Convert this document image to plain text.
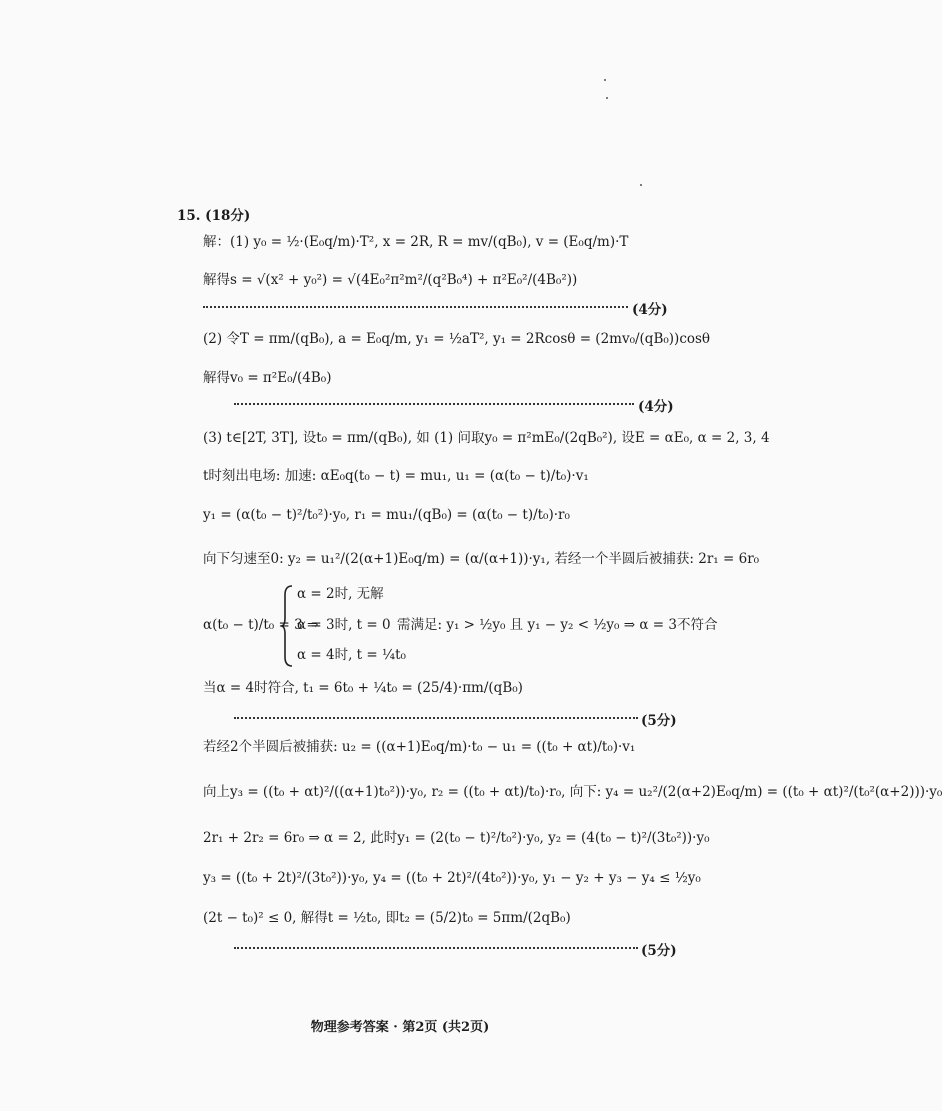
15. (18分)
解：(1) y₀ = ½·(E₀q/m)·T², x = 2R, R = mv/(qB₀), v = (E₀q/m)·T
解得s = √(x² + y₀²) = √(4E₀²π²m²/(q²B₀⁴) + π²E₀²/(4B₀²))
(4分)
(2) 令T = πm/(qB₀), a = E₀q/m, y₁ = ½aT², y₁ = 2Rcosθ = (2mv₀/(qB₀))cosθ
解得v₀ = π²E₀/(4B₀)
(4分)
(3) t∈[2T, 3T], 设t₀ = πm/(qB₀), 如 (1) 问取y₀ = π²mE₀/(2qB₀²), 设E = αE₀, α = 2, 3, 4
t时刻出电场: 加速: αE₀q(t₀ − t) = mu₁, u₁ = (α(t₀ − t)/t₀)·v₁
y₁ = (α(t₀ − t)²/t₀²)·y₀, r₁ = mu₁/(qB₀) = (α(t₀ − t)/t₀)·r₀
向下匀速至0: y₂ = u₁²/(2(α+1)E₀q/m) = (α/(α+1))·y₁, 若经一个半圆后被捕获: 2r₁ = 6r₀
α(t₀ − t)/t₀ = 3 ⇒
α = 2时, 无解
α = 3时, t = 0
α = 4时, t = ¼t₀
需满足: y₁ > ½y₀ 且 y₁ − y₂ < ½y₀ ⇒ α = 3不符合
当α = 4时符合, t₁ = 6t₀ + ¼t₀ = (25/4)·πm/(qB₀)
(5分)
若经2个半圆后被捕获: u₂ = ((α+1)E₀q/m)·t₀ − u₁ = ((t₀ + αt)/t₀)·v₁
向上y₃ = ((t₀ + αt)²/((α+1)t₀²))·y₀, r₂ = ((t₀ + αt)/t₀)·r₀, 向下: y₄ = u₂²/(2(α+2)E₀q/m) = ((t₀ + αt)²/(t₀²(α+2)))·y₀
2r₁ + 2r₂ = 6r₀ ⇒ α = 2, 此时y₁ = (2(t₀ − t)²/t₀²)·y₀, y₂ = (4(t₀ − t)²/(3t₀²))·y₀
y₃ = ((t₀ + 2t)²/(3t₀²))·y₀, y₄ = ((t₀ + 2t)²/(4t₀²))·y₀, y₁ − y₂ + y₃ − y₄ ≤ ½y₀
(2t − t₀)² ≤ 0, 解得t = ½t₀, 即t₂ = (5/2)t₀ = 5πm/(2qB₀)
(5分)
物理参考答案 · 第2页 (共2页)
